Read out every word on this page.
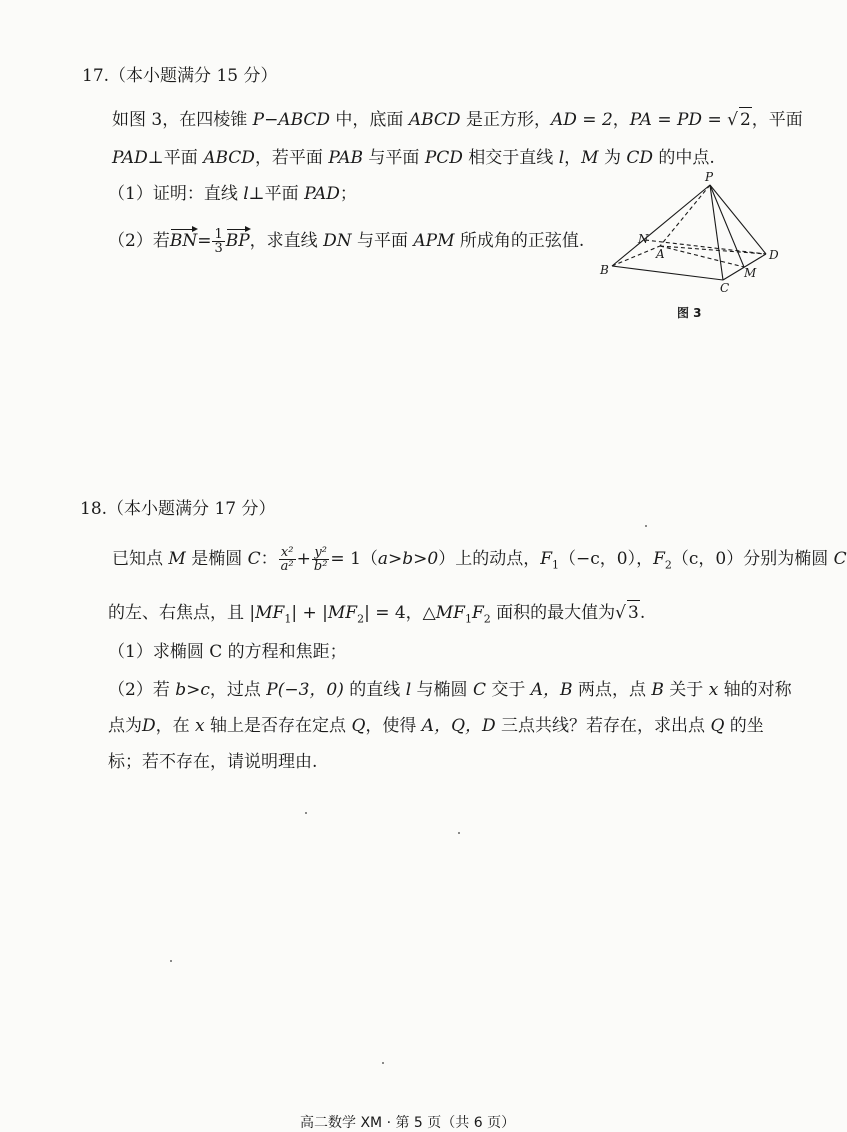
17.（本小题满分 15 分）
如图 3，在四棱锥 P−ABCD 中，底面 ABCD 是正方形，AD = 2，PA = PD = √ 2，平面
PAD⊥平面 ABCD，若平面 PAB 与平面 PCD 相交于直线 l，M 为 CD 的中点.
（1）证明：直线 l⊥平面 PAD；
（2）若$BN= \frac{1}{3}$ BP，求直线 DN 与平面 APM 所成角的正弦值.
P
N
A	D
B	M
C
图 3
18.（本小题满分 17 分）
已知点 M 是椭圆 C： $\frac{\text{x²}}{\text{a²}} + \frac{\text{y²}}{\text{b²}} = 1(a>b>0)$上的动点，$F_1(-c$，0），$F_2(c$，0）分别为椭圆 C
的左、右焦点，且 $|MF_1| + |MF_2| = 4$，$\triangle MF_1F_2$ 面积的最大值为√ 3.
（1）求椭圆 C 的方程和焦距；
（2）若 b>c，过点 P(−3，0) 的直线 l 与椭圆 C 交于 A，B 两点，点 B 关于 x 轴的对称
点为D，在 x 轴上是否存在定点 Q，使得 A，Q，D 三点共线？若存在，求出点 Q 的坐
标；若不存在，请说明理由.
高二数学 XM · 第 5 页（共 6 页）
